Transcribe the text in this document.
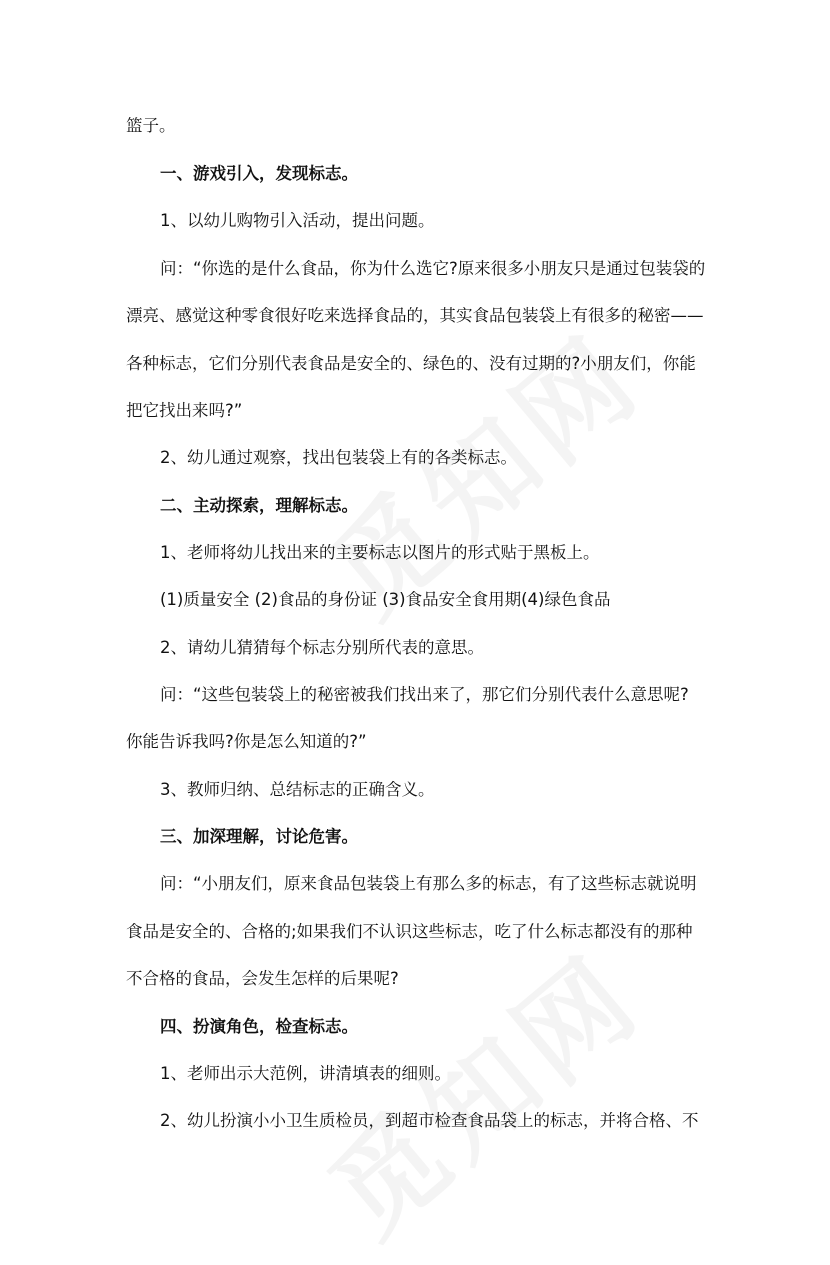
篮子。
一、游戏引入，发现标志。
1、以幼儿购物引入活动，提出问题。
问：“你选的是什么食品，你为什么选它?原来很多小朋友只是通过包装袋的
漂亮、感觉这种零食很好吃来选择食品的，其实食品包装袋上有很多的秘密——
各种标志，它们分别代表食品是安全的、绿色的、没有过期的?小朋友们，你能
把它找出来吗?”
2、幼儿通过观察，找出包装袋上有的各类标志。
二、主动探索，理解标志。
1、老师将幼儿找出来的主要标志以图片的形式贴于黑板上。
(1)质量安全 (2)食品的身份证 (3)食品安全食用期(4)绿色食品
2、请幼儿猜猜每个标志分别所代表的意思。
问：“这些包装袋上的秘密被我们找出来了，那它们分别代表什么意思呢?
你能告诉我吗?你是怎么知道的?”
3、教师归纳、总结标志的正确含义。
三、加深理解，讨论危害。
问：“小朋友们，原来食品包装袋上有那么多的标志，有了这些标志就说明
食品是安全的、合格的;如果我们不认识这些标志，吃了什么标志都没有的那种
不合格的食品，会发生怎样的后果呢?
四、扮演角色，检查标志。
1、老师出示大范例，讲清填表的细则。
2、幼儿扮演小小卫生质检员，到超市检查食品袋上的标志，并将合格、不
